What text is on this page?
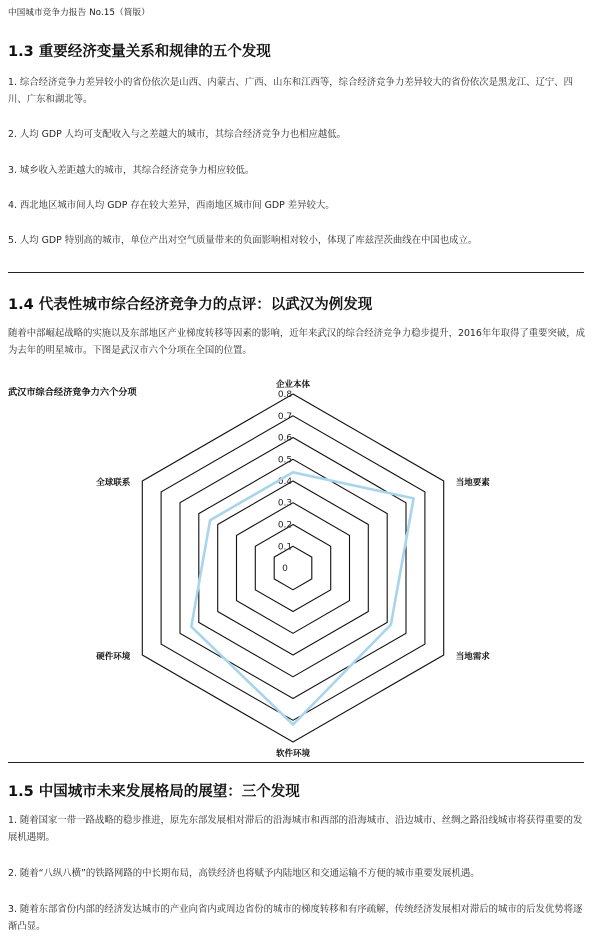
中国城市竞争力报告 No.15（简版）
1.3 重要经济变量关系和规律的五个发现

1. 综合经济竞争力差异较小的省份依次是山西、内蒙古、广西、山东和江西等，综合经济竞争力差异较大的省份依次是黑龙江、辽宁、四川、广东和湖北等。

2. 人均 GDP 人均可支配收入与之差越大的城市，其综合经济竞争力也相应越低。

3. 城乡收入差距越大的城市，其综合经济竞争力相应较低。

4. 西北地区城市间人均 GDP 存在较大差异，西南地区城市间 GDP 差异较大。

5. 人均 GDP 特别高的城市，单位产出对空气质量带来的负面影响相对较小，体现了库兹涅茨曲线在中国也成立。

1.4 代表性城市综合经济竞争力的点评：以武汉为例发现

随着中部崛起战略的实施以及东部地区产业梯度转移等因素的影响，近年来武汉的综合经济竞争力稳步提升，2016年年取得了重要突破，成为去年的明星城市。下图是武汉市六个分项在全国的位置。

武汉市综合经济竞争力六个分项
0
0.1
0.2
0.3
0.4
0.5
0.6
0.7
0.8
企业本体
当地要素
当地需求
软件环境
硬件环境
全球联系
1.5 中国城市未来发展格局的展望：三个发现

1. 随着国家一带一路战略的稳步推进，原先东部发展相对滞后的沿海城市和西部的沿海城市、沿边城市、丝绸之路沿线城市将获得重要的发展机遇期。

2. 随着“八纵八横”的铁路网路的中长期布局，高铁经济也将赋予内陆地区和交通运输不方便的城市重要发展机遇。

3. 随着东部省份内部的经济发达城市的产业向省内或周边省份的城市的梯度转移和有序疏解，传统经济发展相对滞后的城市的后发优势将逐渐凸显。
